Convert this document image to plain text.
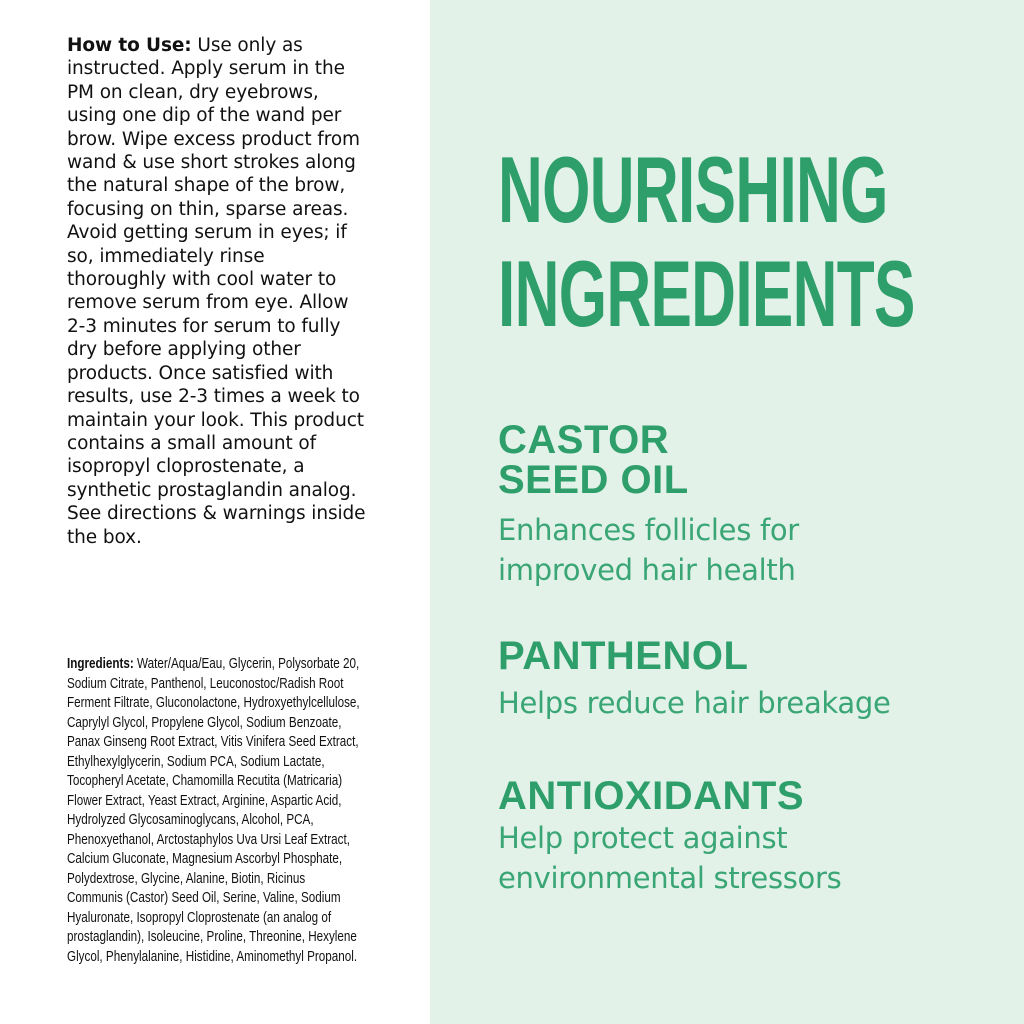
How to Use: Use only as instructed. Apply serum in the PM on clean, dry eyebrows, using one dip of the wand per brow. Wipe excess product from wand & use short strokes along the natural shape of the brow, focusing on thin, sparse areas. Avoid getting serum in eyes; if so, immediately rinse thoroughly with cool water to remove serum from eye. Allow 2-3 minutes for serum to fully dry before applying other products. Once satisfied with results, use 2-3 times a week to maintain your look. This product contains a small amount of isopropyl cloprostenate, a synthetic prostaglandin analog. See directions & warnings inside the box.

Ingredients: Water/Aqua/Eau, Glycerin, Polysorbate 20, Sodium Citrate, Panthenol, Leuconostoc/Radish Root Ferment Filtrate, Gluconolactone, Hydroxyethylcellulose, Caprylyl Glycol, Propylene Glycol, Sodium Benzoate, Panax Ginseng Root Extract, Vitis Vinifera Seed Extract, Ethylhexylglycerin, Sodium PCA, Sodium Lactate, Tocopheryl Acetate, Chamomilla Recutita (Matricaria) Flower Extract, Yeast Extract, Arginine, Aspartic Acid, Hydrolyzed Glycosaminoglycans, Alcohol, PCA, Phenoxyethanol, Arctostaphylos Uva Ursi Leaf Extract, Calcium Gluconate, Magnesium Ascorbyl Phosphate, Polydextrose, Glycine, Alanine, Biotin, Ricinus Communis (Castor) Seed Oil, Serine, Valine, Sodium Hyaluronate, Isopropyl Cloprostenate (an analog of prostaglandin), Isoleucine, Proline, Threonine, Hexylene Glycol, Phenylalanine, Histidine, Aminomethyl Propanol.

NOURISHING
INGREDIENTS
CASTOR
SEED OIL
Enhances follicles for
improved hair health
PANTHENOL
Helps reduce hair breakage
ANTIOXIDANTS
Help protect against
environmental stressors
